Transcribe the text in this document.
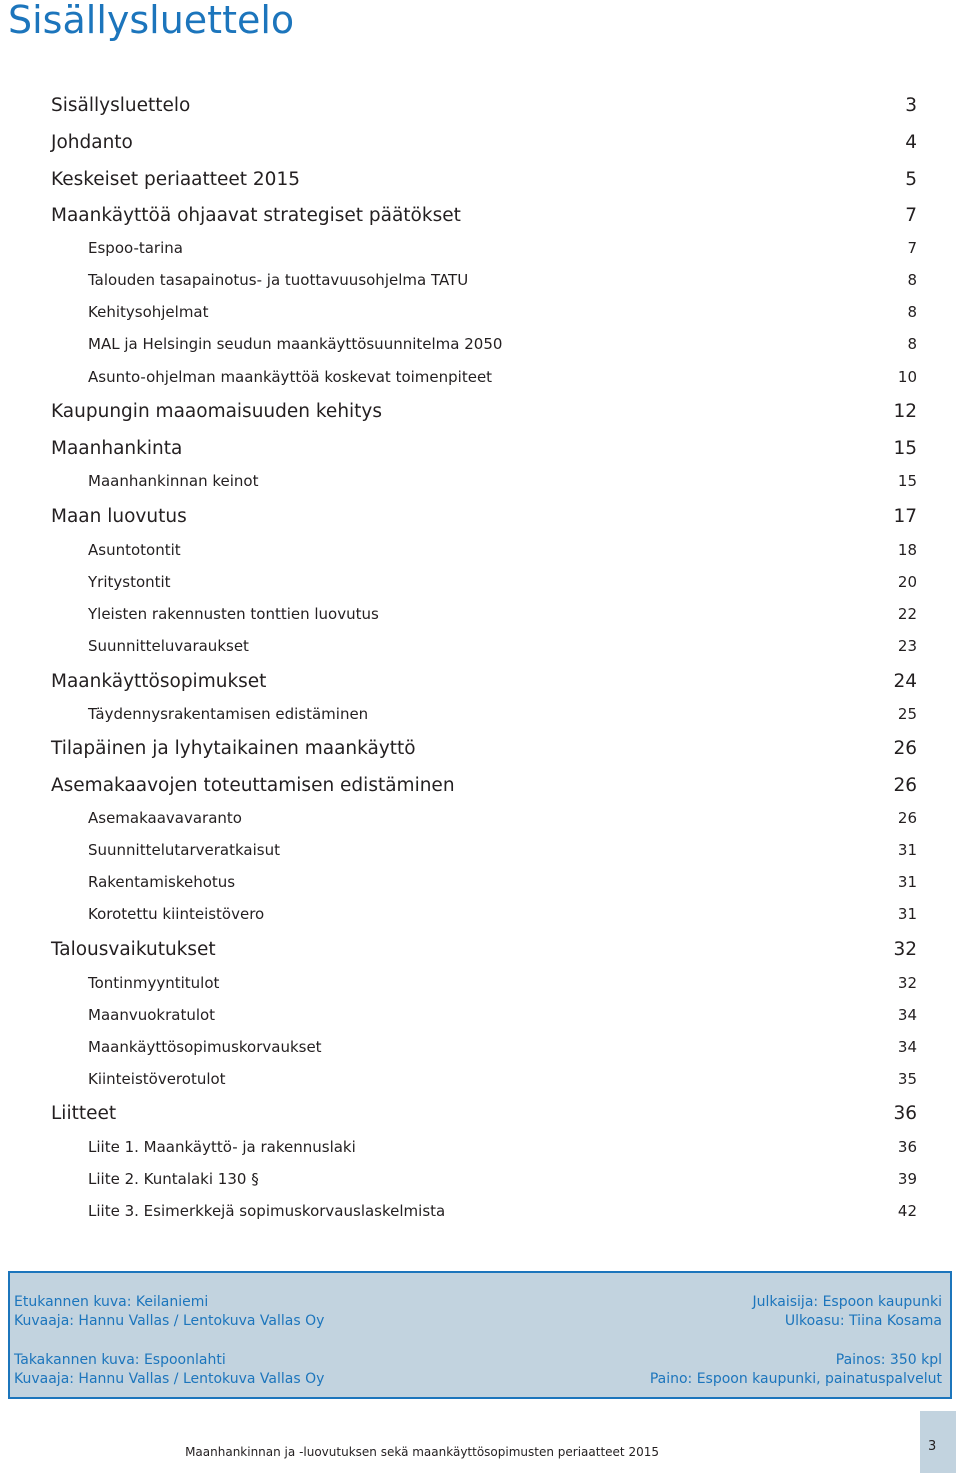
Sisällysluettelo
Sisällysluettelo	3
Johdanto	4
Keskeiset periaatteet 2015	5
Maankäyttöä ohjaavat strategiset päätökset	7
Espoo-tarina	7
Talouden tasapainotus- ja tuottavuusohjelma TATU	8
Kehitysohjelmat	8
MAL ja Helsingin seudun maankäyttösuunnitelma 2050	8
Asunto-ohjelman maankäyttöä koskevat toimenpiteet	10
Kaupungin maaomaisuuden kehitys	12
Maanhankinta	15
Maanhankinnan keinot	15
Maan luovutus	17
Asuntotontit	18
Yritystontit	20
Yleisten rakennusten tonttien luovutus	22
Suunnitteluvaraukset	23
Maankäyttösopimukset	24
Täydennysrakentamisen edistäminen	25
Tilapäinen ja lyhytaikainen maankäyttö	26
Asemakaavojen toteuttamisen edistäminen	26
Asemakaavavaranto	26
Suunnittelutarveratkaisut	31
Rakentamiskehotus	31
Korotettu kiinteistövero	31
Talousvaikutukset	32
Tontinmyyntitulot	32
Maanvuokratulot	34
Maankäyttösopimuskorvaukset	34
Kiinteistöverotulot	35
Liitteet	36
Liite 1. Maankäyttö- ja rakennuslaki	36
Liite 2. Kuntalaki 130 §	39
Liite 3. Esimerkkejä sopimuskorvauslaskelmista	42
Etukannen kuva: Keilaniemi
Kuvaaja: Hannu Vallas / Lentokuva Vallas Oy
Takakannen kuva: Espoonlahti
Kuvaaja: Hannu Vallas / Lentokuva Vallas Oy
Julkaisija: Espoon kaupunki
Ulkoasu: Tiina Kosama
Painos: 350 kpl
Paino: Espoon kaupunki, painatuspalvelut
Maanhankinnan ja -luovutuksen sekä maankäyttösopimusten periaatteet 2015	3
